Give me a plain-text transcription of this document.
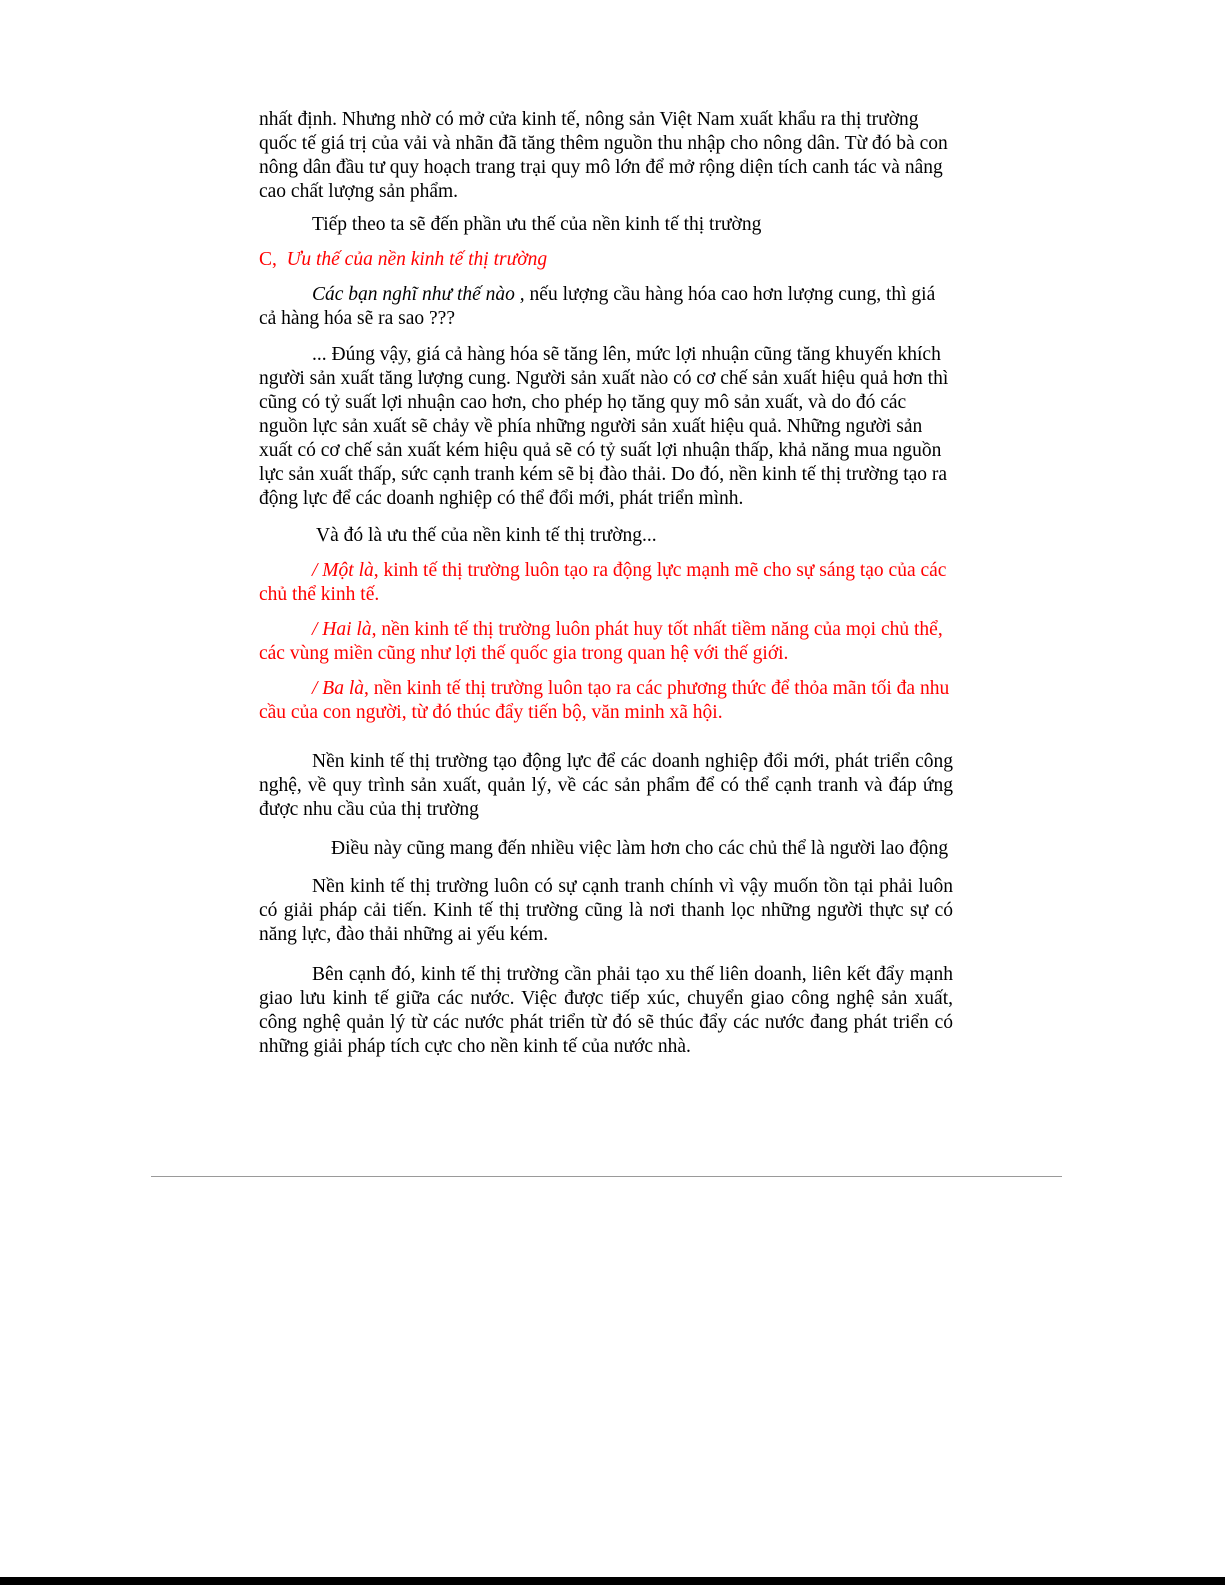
nhất định. Nhưng nhờ có mở cửa kinh tế, nông sản Việt Nam xuất khẩu ra thị trường quốc tế giá trị của vải và nhãn đã tăng thêm nguồn thu nhập cho nông dân. Từ đó bà con nông dân đầu tư quy hoạch trang trại quy mô lớn để mở rộng diện tích canh tác và nâng cao chất lượng sản phẩm.

Tiếp theo ta sẽ đến phần ưu thế của nền kinh tế thị trường

C, Ưu thế của nền kinh tế thị trường

Các bạn nghĩ như thế nào , nếu lượng cầu hàng hóa cao hơn lượng cung, thì giá cả hàng hóa sẽ ra sao ???

... Đúng vậy, giá cả hàng hóa sẽ tăng lên, mức lợi nhuận cũng tăng khuyến khích người sản xuất tăng lượng cung. Người sản xuất nào có cơ chế sản xuất hiệu quả hơn thì cũng có tỷ suất lợi nhuận cao hơn, cho phép họ tăng quy mô sản xuất, và do đó các nguồn lực sản xuất sẽ chảy về phía những người sản xuất hiệu quả. Những người sản xuất có cơ chế sản xuất kém hiệu quả sẽ có tỷ suất lợi nhuận thấp, khả năng mua nguồn lực sản xuất thấp, sức cạnh tranh kém sẽ bị đào thải. Do đó, nền kinh tế thị trường tạo ra động lực để các doanh nghiệp có thể đổi mới, phát triển mình.

Và đó là ưu thế của nền kinh tế thị trường...

/ Một là, kinh tế thị trường luôn tạo ra động lực mạnh mẽ cho sự sáng tạo của các chủ thể kinh tế.

/ Hai là, nền kinh tế thị trường luôn phát huy tốt nhất tiềm năng của mọi chủ thể, các vùng miền cũng như lợi thế quốc gia trong quan hệ với thế giới.

/ Ba là, nền kinh tế thị trường luôn tạo ra các phương thức để thỏa mãn tối đa nhu cầu của con người, từ đó thúc đẩy tiến bộ, văn minh xã hội.

Nền kinh tế thị trường tạo động lực để các doanh nghiệp đổi mới, phát triển công nghệ, về quy trình sản xuất, quản lý, về các sản phẩm để có thể cạnh tranh và đáp ứng được nhu cầu của thị trường

Điều này cũng mang đến nhiều việc làm hơn cho các chủ thể là người lao động

Nền kinh tế thị trường luôn có sự cạnh tranh chính vì vậy muốn tồn tại phải luôn có giải pháp cải tiến. Kinh tế thị trường cũng là nơi thanh lọc những người thực sự có năng lực, đào thải những ai yếu kém.

Bên cạnh đó, kinh tế thị trường cần phải tạo xu thế liên doanh, liên kết đẩy mạnh giao lưu kinh tế giữa các nước. Việc được tiếp xúc, chuyển giao công nghệ sản xuất, công nghệ quản lý từ các nước phát triển từ đó sẽ thúc đẩy các nước đang phát triển có những giải pháp tích cực cho nền kinh tế của nước nhà.
